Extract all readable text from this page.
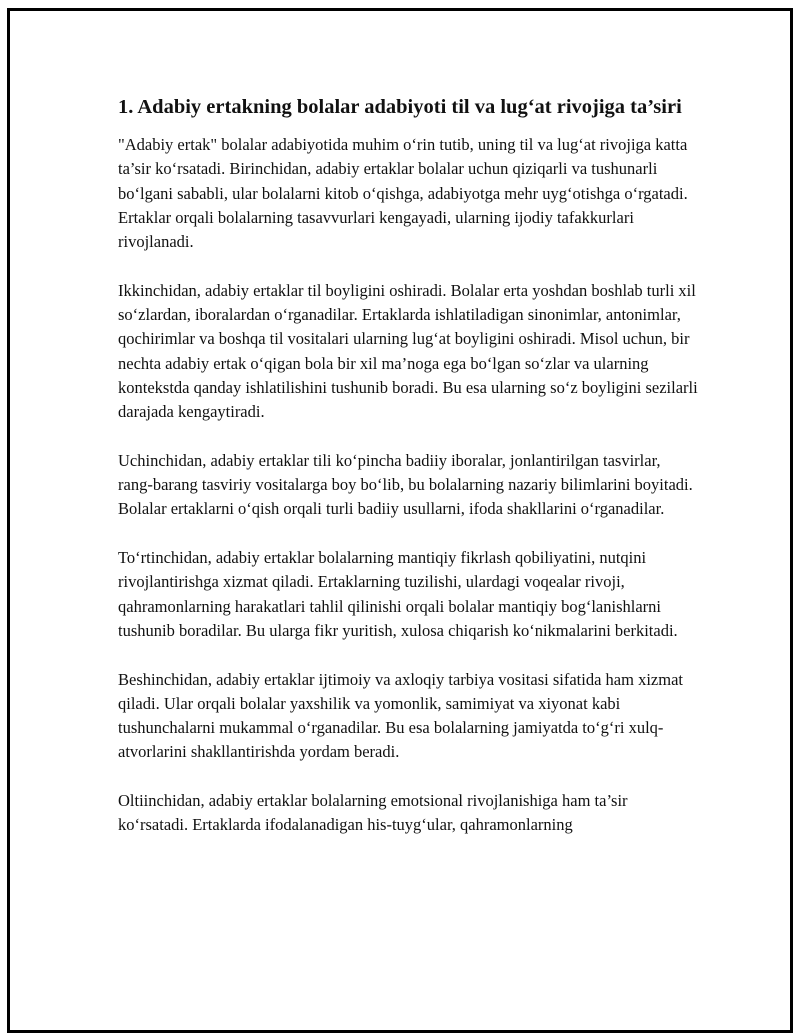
1. Adabiy ertakning bolalar adabiyoti til va lug‘at rivojiga ta’siri

"Adabiy ertak" bolalar adabiyotida muhim o‘rin tutib, uning til va lug‘at rivojiga katta ta’sir ko‘rsatadi. Birinchidan, adabiy ertaklar bolalar uchun qiziqarli va tushunarli bo‘lgani sababli, ular bolalarni kitob o‘qishga, adabiyotga mehr uyg‘otishga o‘rgatadi. Ertaklar orqali bolalarning tasavvurlari kengayadi, ularning ijodiy tafakkurlari rivojlanadi.

Ikkinchidan, adabiy ertaklar til boyligini oshiradi. Bolalar erta yoshdan boshlab turli xil so‘zlardan, iboralardan o‘rganadilar. Ertaklarda ishlatiladigan sinonimlar, antonimlar, qochirimlar va boshqa til vositalari ularning lug‘at boyligini oshiradi. Misol uchun, bir nechta adabiy ertak o‘qigan bola bir xil ma’noga ega bo‘lgan so‘zlar va ularning kontekstda qanday ishlatilishini tushunib boradi. Bu esa ularning so‘z boyligini sezilarli darajada kengaytiradi.

Uchinchidan, adabiy ertaklar tili ko‘pincha badiiy iboralar, jonlantirilgan tasvirlar, rang-barang tasviriy vositalarga boy bo‘lib, bu bolalarning nazariy bilimlarini boyitadi. Bolalar ertaklarni o‘qish orqali turli badiiy usullarni, ifoda shakllarini o‘rganadilar.

To‘rtinchidan, adabiy ertaklar bolalarning mantiqiy fikrlash qobiliyatini, nutqini rivojlantirishga xizmat qiladi. Ertaklarning tuzilishi, ulardagi voqealar rivoji, qahramonlarning harakatlari tahlil qilinishi orqali bolalar mantiqiy bog‘lanishlarni tushunib boradilar. Bu ularga fikr yuritish, xulosa chiqarish ko‘nikmalarini berkitadi.

Beshinchidan, adabiy ertaklar ijtimoiy va axloqiy tarbiya vositasi sifatida ham xizmat qiladi. Ular orqali bolalar yaxshilik va yomonlik, samimiyat va xiyonat kabi tushunchalarni mukammal o‘rganadilar. Bu esa bolalarning jamiyatda to‘g‘ri xulq-atvorlarini shakllantirishda yordam beradi.

Oltiinchidan, adabiy ertaklar bolalarning emotsional rivojlanishiga ham ta’sir ko‘rsatadi. Ertaklarda ifodalanadigan his-tuyg‘ular, qahramonlarning
